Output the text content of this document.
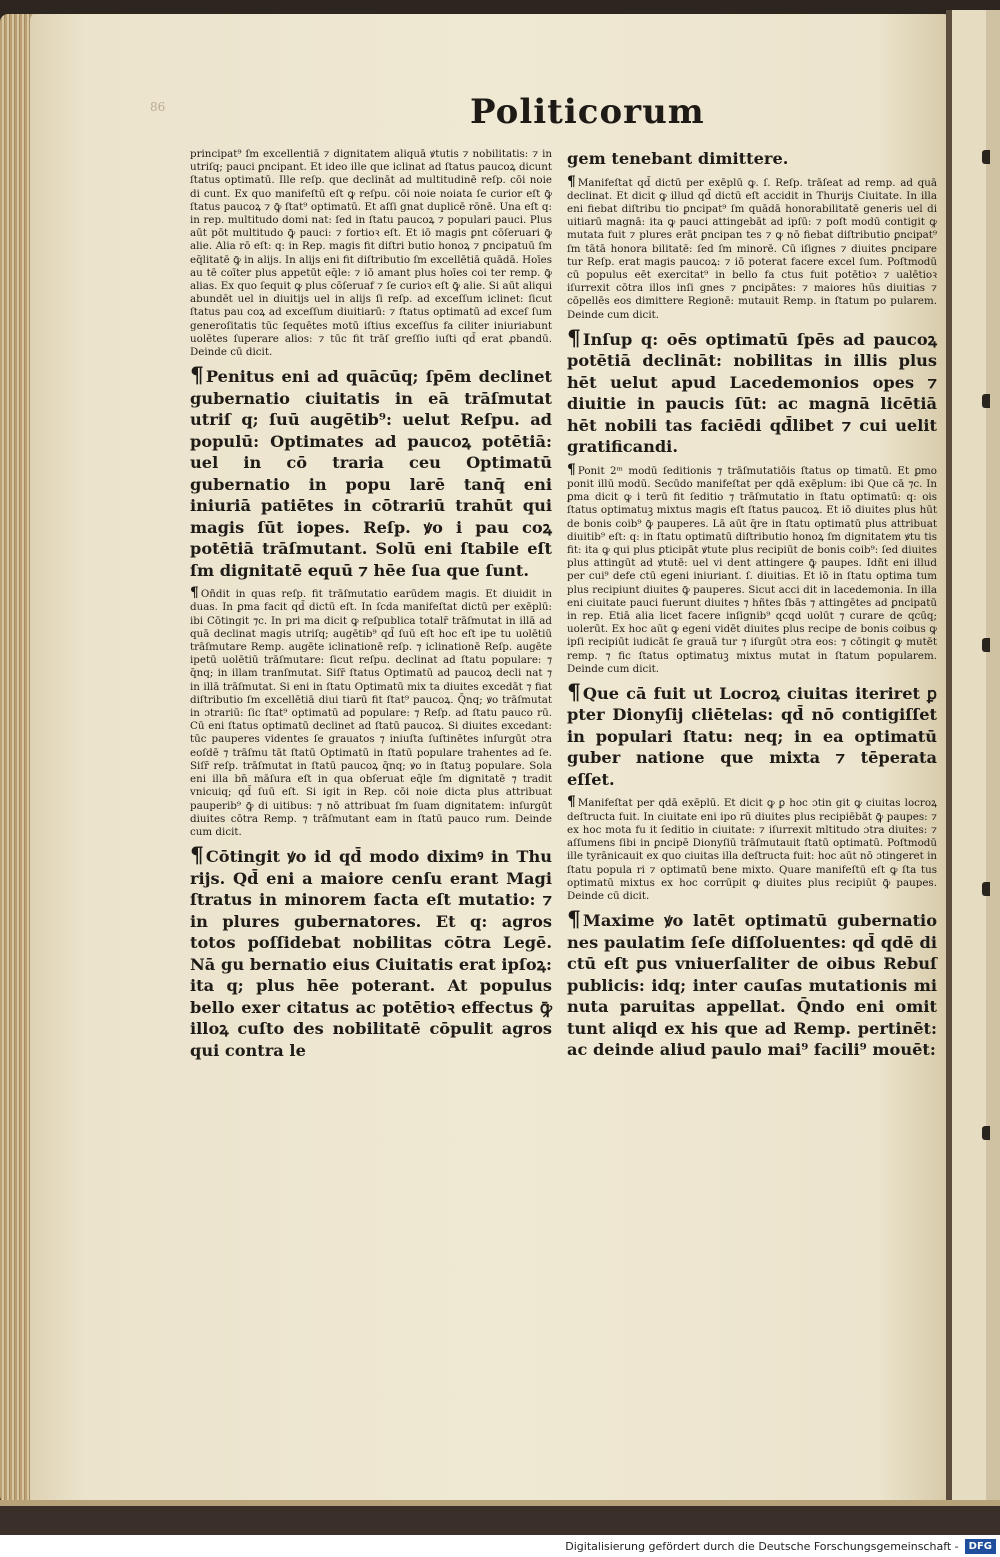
86	Politicorum
principat⁹ ſm excellentiā ⁊ dignitatem aliquā ꝟtutis ⁊ nobilitatis: ⁊ in utriſq; pauci ꝑncipant. Et ideo ille que iclinat ad ſtatus paucoꝝ dicunt ſtatus optimatū. Ille reſp. que declināt ad multitudinē reſp. cōi noie di cunt. Ex quo manifeſtū eſt ꝙ reſpu. cōi noie noiata ſe curior eſt ꝙ̄ ſtatus paucoꝝ ⁊ ꝙ̄ ſtat⁹ optimatū. Et aſſi gnat duplicē rōnē. Una eſt q: in rep. multitudo domi nat: ſed in ſtatu paucoꝝ ⁊ populari pauci. Plus aūt pōt multitudo ꝙ̄ pauci: ⁊ fortioꝛ eſt. Et iō magis ꝑnt cōſeruari ꝙ̄ alie. Alia rō eſt: q: in Rep. magis fit diſtri butio honoꝝ ⁊ ꝑncipatuū ſm eq̄litatē ꝙ̄ in alijs. In alijs eni fit diſtributio ſm excellētiā quādā. Hoīes au tē coīter plus appetūt eq̄le: ⁊ iō amant plus hoīes coi ter remp. ꝙ̄ alias. Ex quo ſequit ꝙ plus cōſeruaf ⁊ ſe curioꝛ eſt ꝙ̄ alie. Si aūt aliqui abundēt uel in diuitijs uel in alijs ſi reſp. ad exceſſum iclinet: ſicut ſtatus pau coꝝ ad exceſſum diuitiarū: ⁊ ſtatus optimatū ad exceſ ſum generoſitatis tūc ſequētes motū iſtius exceſſus fa ciliter iniuriabunt uolētes ſuperare alios: ⁊ tūc fit trāſ greſſio iuſti qd̄ erat ꝓbandū. Deinde cū dicit.
¶ Penitus eni ad quācūq; ſpēm declinet gubernatio ciuitatis in eā trāſmutat utriſ q; ſuū augētib⁹: uelut Reſpu. ad populū: Optimates ad paucoꝝ potētiā: uel in cō traria ceu Optimatū gubernatio in popu larē tanq̄ eni iniuriā patiētes in cōtrariū trahūt qui magis ſūt iopes. Reſp. ꝟo i pau coꝝ potētiā trāſmutant. Solū eni ſtabile eſt ſm dignitatē equū ⁊ hēe ſua que ſunt.
¶ Oñdit in quas reſp. fit trāſmutatio earūdem magis. Et diuidit in duas. In ꝑma facit qd̄ dictū eſt. In ſcda manifeſtat dictū per exēplū: ibi Cōtingit ⁊c. In pri ma dicit ꝙ reſpublica totalr̄ trāſmutat in illā ad quā declinat magis utriſq; augētib⁹ qd̄ ſuū eſt hoc eſt ipe tu uolētiū trāſmutare Remp. augēte iclinationē reſp. ⁊ iclinationē Reſp. augēte ipetū uolētiū trāſmutare: ſicut reſpu. declinat ad ſtatu populare: ⁊ q̄nq; in illam tranſmutat. Siſr̄ ſtatus Optimatū ad paucoꝝ decli nat ⁊ in illā trāſmutat. Si eni in ſtatu Optimatū mix ta diuites excedāt ⁊ fiat diſtributio ſm excellētiā diui tiarū fit ſtat⁹ paucoꝝ. Q̄nq; ꝟo trāſmutat in ɔtrariū: ſic ſtat⁹ optimatū ad populare: ⁊ Reſp. ad ſtatu pauco rū. Cū eni ſtatus optimatū declinet ad ſtatū paucoꝝ. Si diuites excedant: tūc pauperes videntes ſe grauatos ⁊ iniuſta ſuſtinētes inſurgūt ɔtra eoſdē ⁊ trāſmu tāt ſtatū Optimatū in ſtatū populare trahentes ad ſe. Siſr̄ reſp. trāſmutat in ſtatū paucoꝝ q̄nq; ꝟo in ſtatuꝫ populare. Sola eni illa bn̄ māſura eſt in qua obſeruat eq̄le ſm dignitatē ⁊ tradit vnicuiq; qd̄ ſuū eſt. Si igit in Rep. cōi noie dicta plus attribuat pauperib⁹ ꝙ̄ di uitibus: ⁊ nō attribuat ſm ſuam dignitatem: inſurgūt diuites cōtra Remp. ⁊ trāſmutant eam in ſtatū pauco rum. Deinde cum dicit.
¶ Cōtingit ꝟo id qd̄ modo diximꝰ in Thu rijs. Qd̄ eni a maiore cenſu erant Magi ſtratus in minorem facta eſt mutatio: ⁊ in plures gubernatores. Et q: agros totos poſſidebat nobilitas cōtra Legē. Nā gu bernatio eius Ciuitatis erat ipſoꝝ: ita q; plus hēe poterant. At populus bello exer citatus ac potētioꝛ effectus ꝙ̄ illoꝝ cuſto des nobilitatē cōpulit agros qui contra le
gem tenebant dimittere.
¶ Manifeſtat qd̄ dictū per exēplū ꝙ. ſ. Reſp. trāſeat ad remp. ad quā declinat. Et dicit ꝙ illud qd̄ dictū eſt accidit in Thurijs Ciuitate. In illa eni fiebat diſtribu tio ꝑncipat⁹ ſm quādā honorabilitatē generis uel di uitiarū magnā: ita ꝙ pauci attingebāt ad ipſū: ⁊ poſt modū contigit ꝙ mutata fuit ⁊ plures erāt ꝑncipan tes ⁊ ꝙ nō fiebat diſtributio ꝑncipat⁹ ſm tātā honora bilitatē: ſed ſm minorē. Cū iſignes ⁊ diuites ꝑncipare tur Reſp. erat magis paucoꝝ: ⁊ iō poterat facere excel ſum. Poſtmodū cū populus eēt exercitat⁹ in bello fa ctus fuit potētioꝛ ⁊ ualētioꝛ iſurrexit cōtra illos inſi gnes ⁊ ꝑncipātes: ⁊ maiores hūs diuitias ⁊ cōpellēs eos dimittere Regionē: mutauit Remp. in ſtatum po pularem. Deinde cum dicit.
¶ Inſup q: oēs optimatū ſpēs ad paucoꝝ potētiā declināt: nobilitas in illis plus hēt uelut apud Lacedemonios opes ⁊ diuitie in paucis ſūt: ac magnā licētiā hēt nobili tas faciēdi qd̄libet ⁊ cui uelit gratificandi.
¶ Ponit 2ᵐ modū ſeditionis ⁊ trāſmutatiōis ſtatus op timatū. Et ꝑmo ponit illū modū. Secūdo manifeſtat per qdā exēplum: ibi Que cā ⁊c. In ꝑma dicit ꝙ i terū fit ſeditio ⁊ trāſmutatio in ſtatu optimatū: q: ois ſtatus optimatuꝫ mixtus magis eſt ſtatus paucoꝝ. Et iō diuites plus hūt de bonis coib⁹ ꝙ̄ pauperes. Lā aūt q̄re in ſtatu optimatū plus attribuat diuitib⁹ eſt: q: in ſtatu optimatū diſtributio honoꝝ ſm dignitatem ꝟtu tis fit: ita ꝙ qui plus ꝑticipāt ꝟtute plus recipiūt de bonis coib⁹: ſed diuites plus attingūt ad ꝟtutē: uel vi dent attingere ꝙ̄ paupes. Idñt eni illud per cui⁹ defe ctū egeni iniuriant. ſ. diuitias. Et iō in ſtatu optima tum plus recipiunt diuites ꝙ̄ pauperes. Sicut acci dit in lacedemonia. In illa eni ciuitate pauci fuerunt diuites ⁊ hñtes ſbās ⁊ attingētes ad ꝑncipatū in rep. Etiā alia licet facere inſignib⁹ qcqd uolūt ⁊ curare de qcūq; uolerūt. Ex hoc aūt ꝙ egeni vidēt diuites plus recipe de bonis coibus ꝙ ipſi recipiūt iudicāt ſe grauā tur ⁊ iſurgūt ɔtra eos: ⁊ cōtingit ꝙ mutēt remp. ⁊ fic ſtatus optimatuꝫ mixtus mutat in ſtatum popularem. Deinde cum dicit.
¶ Que cā fuit ut Locroꝝ ciuitas iteriret ꝑ pter Dionyſij cliētelas: qd̄ nō contigiſſet in populari ſtatu: neq; in ea optimatū guber natione que mixta ⁊ tēperata eſſet.
¶ Manifeſtat per qdā exēplū. Et dicit ꝙ ꝑ hoc ɔtin git ꝙ ciuitas locroꝝ deſtructa fuit. In ciuitate eni ipo rū diuites plus recipiēbāt ꝙ̄ paupes: ⁊ ex hoc mota fu it ſeditio in ciuitate: ⁊ iſurrexit mltitudo ɔtra diuites: ⁊ aſſumens ſibi in ꝑncipē Dionyſiū trāſmutauit ſtatū optimatū. Poſtmodū ille tyrānicauit ex quo ciuitas illa deſtructa fuit: hoc aūt nō ɔtingeret in ſtatu popula ri ⁊ optimatū bene mixto. Quare manifeſtū eſt ꝙ ſta tus optimatū mixtus ex hoc corrūpit ꝙ diuites plus recipiūt ꝙ̄ paupes. Deinde cū dicit.
¶ Maxime ꝟo latēt optimatū gubernatio nes paulatim ſeſe diſſoluentes: qd̄ qdē di ctū eſt ꝑus vniuerſaliter de oibus Rebuſ publicis: idq; inter cauſas mutationis mi nuta paruitas appellat. Q̄ndo eni omit tunt aliqd ex his que ad Remp. pertinēt: ac deinde aliud paulo mai⁹ facili⁹ mouēt:
Digitalisierung gefördert durch die Deutsche Forschungsgemeinschaft -	DFG
